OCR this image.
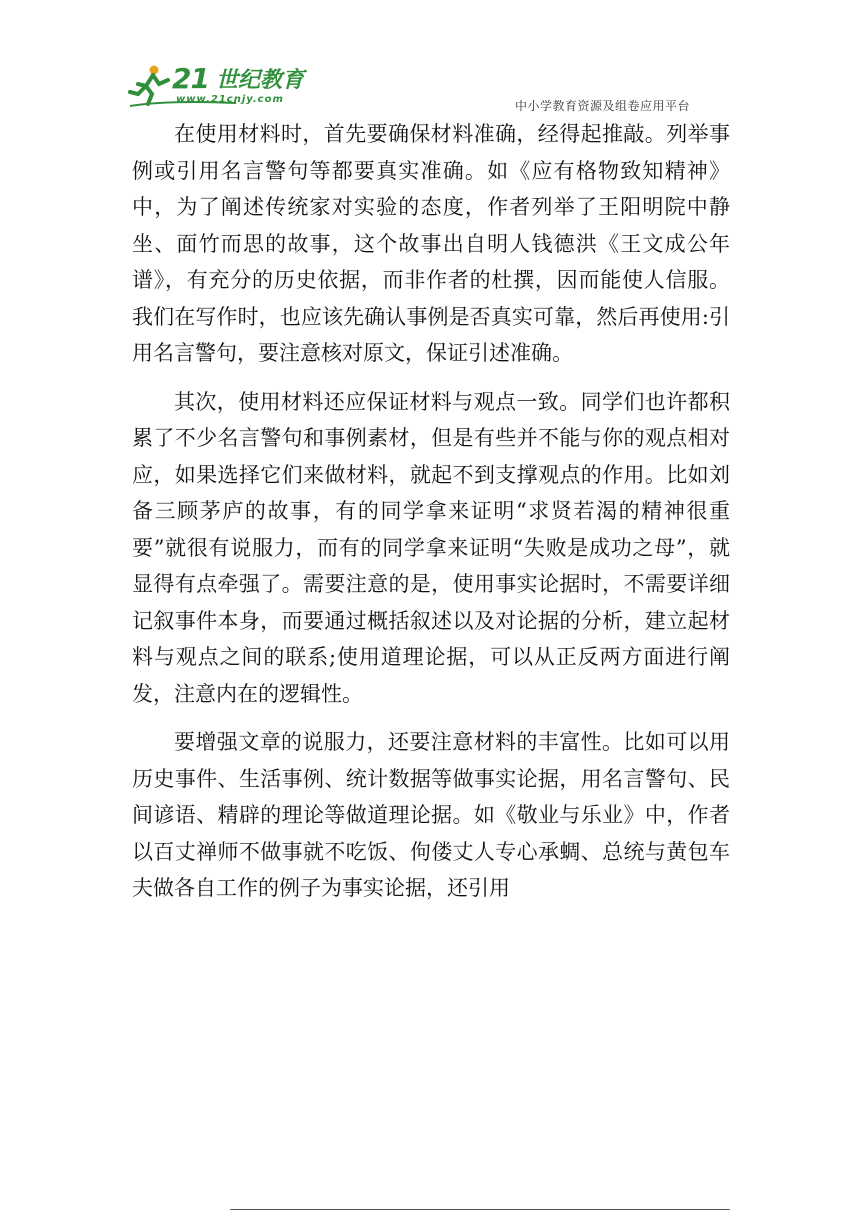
21 世纪教育
www.21cnjy.com	中小学教育资源及组卷应用平台

在使用材料时，首先要确保材料准确，经得起推敲。列举事例或引用名言警句等都要真实准确。如《应有格物致知精神》中，为了阐述传统家对实验的态度，作者列举了王阳明院中静坐、面竹而思的故事，这个故事出自明人钱德洪《王文成公年谱》，有充分的历史依据，而非作者的杜撰，因而能使人信服。我们在写作时，也应该先确认事例是否真实可靠，然后再使用:引用名言警句，要注意核对原文，保证引述准确。

其次，使用材料还应保证材料与观点一致。同学们也许都积累了不少名言警句和事例素材，但是有些并不能与你的观点相对应，如果选择它们来做材料，就起不到支撑观点的作用。比如刘备三顾茅庐的故事，有的同学拿来证明“求贤若渴的精神很重要”就很有说服力，而有的同学拿来证明“失败是成功之母”，就显得有点牵强了。需要注意的是，使用事实论据时，不需要详细记叙事件本身，而要通过概括叙述以及对论据的分析，建立起材料与观点之间的联系;使用道理论据，可以从正反两方面进行阐发，注意内在的逻辑性。

要增强文章的说服力，还要注意材料的丰富性。比如可以用历史事件、生活事例、统计数据等做事实论据，用名言警句、民间谚语、精辟的理论等做道理论据。如《敬业与乐业》中，作者以百丈禅师不做事就不吃饭、佝偻丈人专心承蜩、总统与黄包车夫做各自工作的例子为事实论据，还引用
